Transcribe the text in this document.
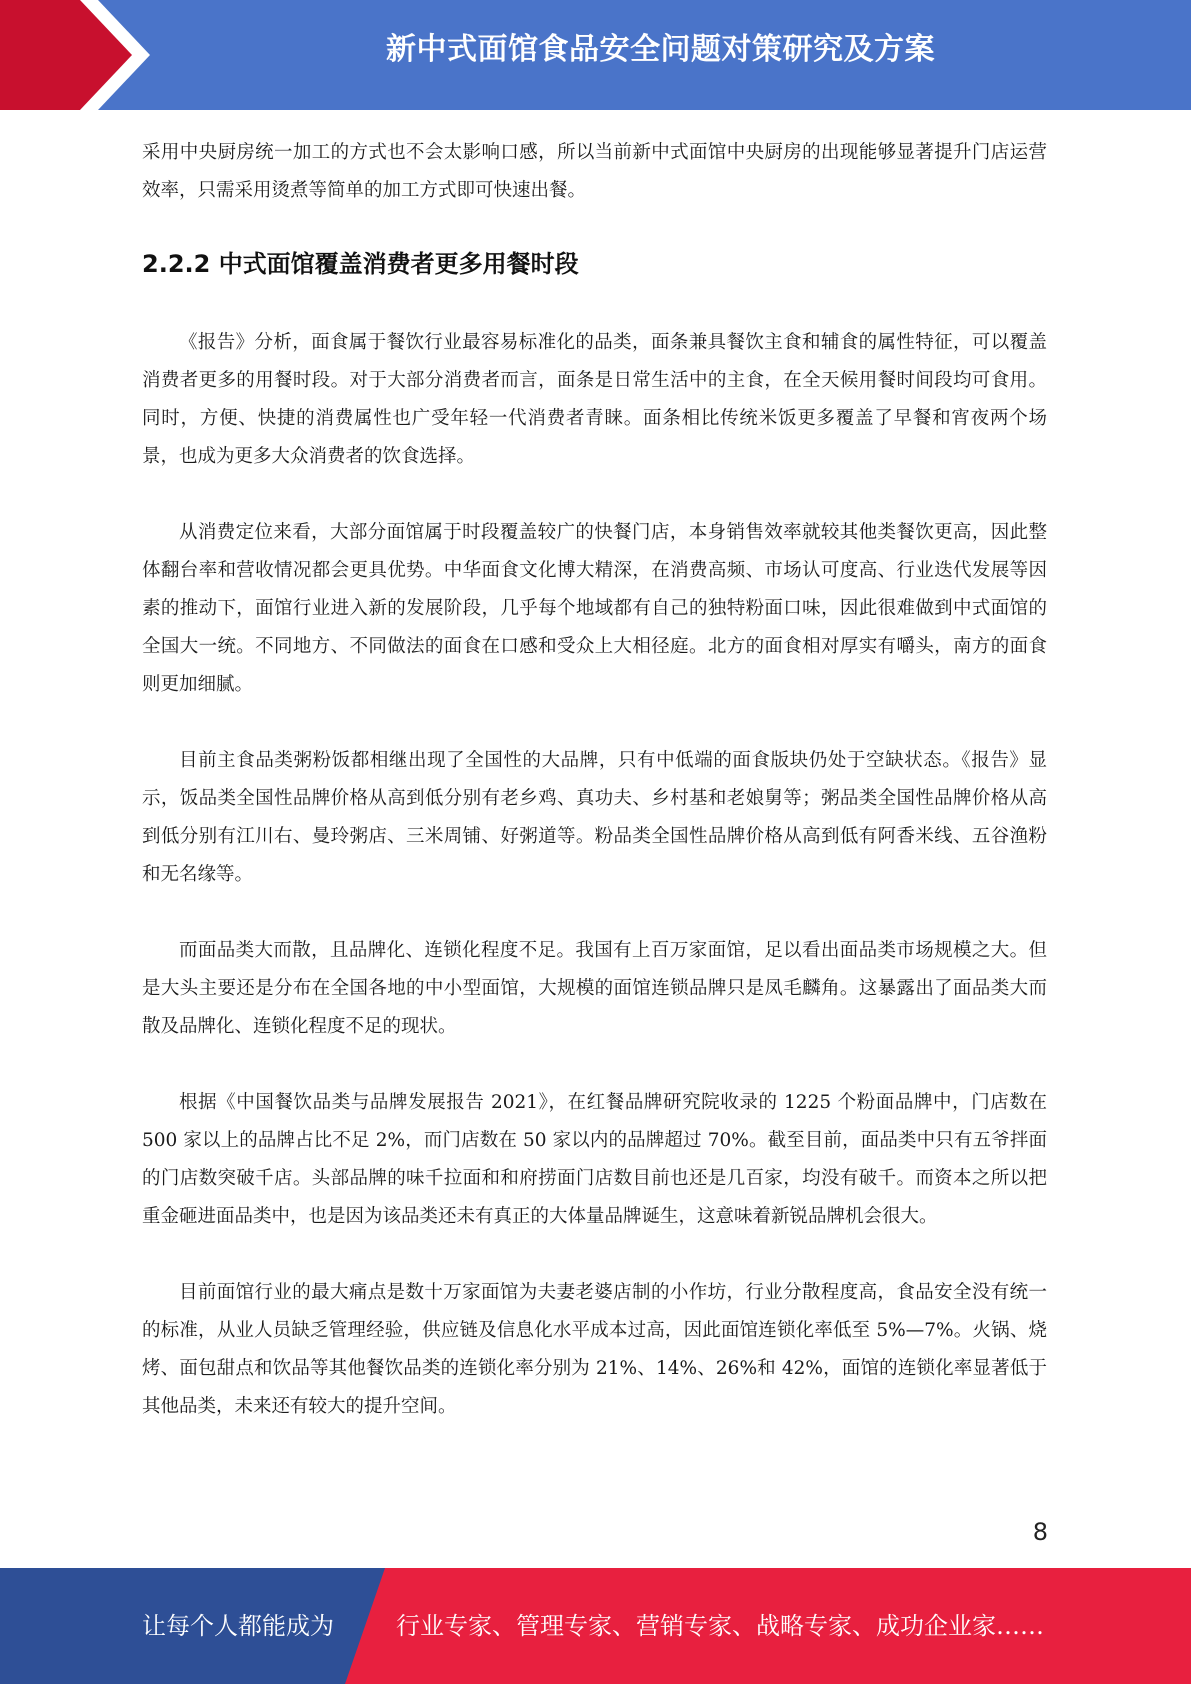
新中式面馆食品安全问题对策研究及方案

采用中央厨房统一加工的方式也不会太影响口感，所以当前新中式面馆中央厨房的出现能够显著提升门店运营效率，只需采用烫煮等简单的加工方式即可快速出餐。

2.2.2 中式面馆覆盖消费者更多用餐时段

《报告》分析，面食属于餐饮行业最容易标准化的品类，面条兼具餐饮主食和辅食的属性特征，可以覆盖消费者更多的用餐时段。对于大部分消费者而言，面条是日常生活中的主食，在全天候用餐时间段均可食用。同时，方便、快捷的消费属性也广受年轻一代消费者青睐。面条相比传统米饭更多覆盖了早餐和宵夜两个场景，也成为更多大众消费者的饮食选择。

从消费定位来看，大部分面馆属于时段覆盖较广的快餐门店，本身销售效率就较其他类餐饮更高，因此整体翻台率和营收情况都会更具优势。中华面食文化博大精深，在消费高频、市场认可度高、行业迭代发展等因素的推动下，面馆行业进入新的发展阶段，几乎每个地域都有自己的独特粉面口味，因此很难做到中式面馆的全国大一统。不同地方、不同做法的面食在口感和受众上大相径庭。北方的面食相对厚实有嚼头，南方的面食则更加细腻。

目前主食品类粥粉饭都相继出现了全国性的大品牌，只有中低端的面食版块仍处于空缺状态。《报告》显示，饭品类全国性品牌价格从高到低分别有老乡鸡、真功夫、乡村基和老娘舅等；粥品类全国性品牌价格从高到低分别有江川右、曼玲粥店、三米周铺、好粥道等。粉品类全国性品牌价格从高到低有阿香米线、五谷渔粉和无名缘等。

而面品类大而散，且品牌化、连锁化程度不足。我国有上百万家面馆，足以看出面品类市场规模之大。但是大头主要还是分布在全国各地的中小型面馆，大规模的面馆连锁品牌只是凤毛麟角。这暴露出了面品类大而散及品牌化、连锁化程度不足的现状。

根据《中国餐饮品类与品牌发展报告 2021》，在红餐品牌研究院收录的 1225 个粉面品牌中，门店数在 500 家以上的品牌占比不足 2%，而门店数在 50 家以内的品牌超过 70%。截至目前，面品类中只有五爷拌面的门店数突破千店。头部品牌的味千拉面和和府捞面门店数目前也还是几百家，均没有破千。而资本之所以把重金砸进面品类中，也是因为该品类还未有真正的大体量品牌诞生，这意味着新锐品牌机会很大。

目前面馆行业的最大痛点是数十万家面馆为夫妻老婆店制的小作坊，行业分散程度高，食品安全没有统一的标准，从业人员缺乏管理经验，供应链及信息化水平成本过高，因此面馆连锁化率低至 5%—7%。火锅、烧烤、面包甜点和饮品等其他餐饮品类的连锁化率分别为 21%、14%、26%和 42%，面馆的连锁化率显著低于其他品类，未来还有较大的提升空间。

8
让每个人都能成为	行业专家、管理专家、营销专家、战略专家、成功企业家……
